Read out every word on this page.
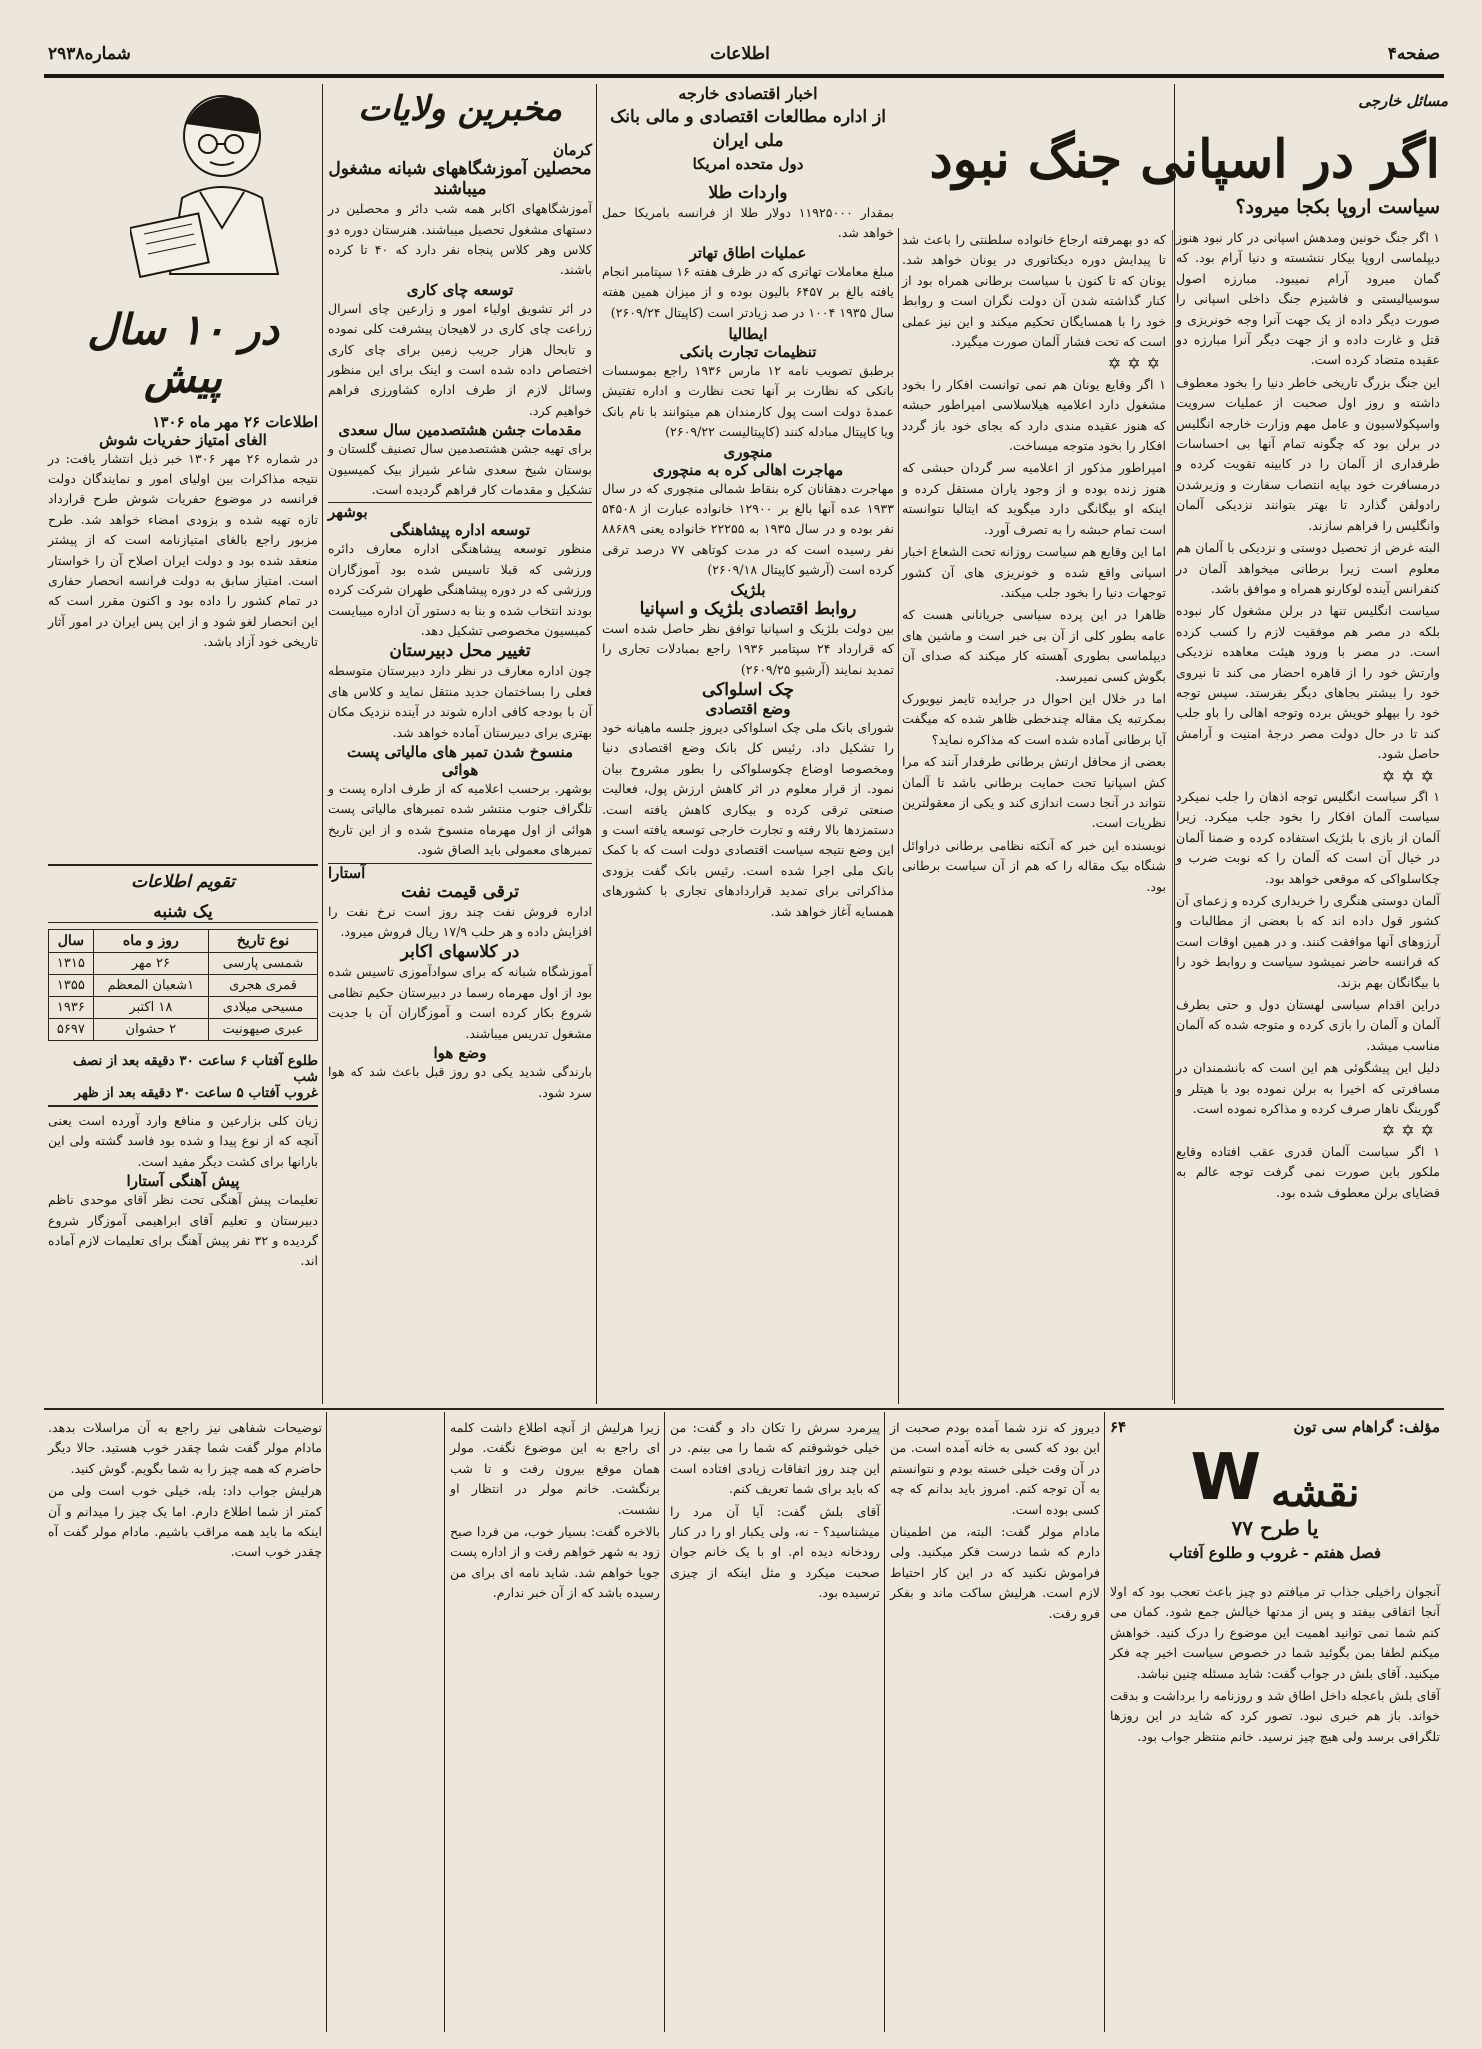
صفحه۴
اطلاعات
شماره۲۹۳۸
مسائل خارجی
اگر در اسپانی جنگ نبود
سیاست اروپا بکجا میرود؟

۱ اگر جنگ خونین ومدهش اسپانی در کار نبود هنوز دیپلماسی اروپا بیکار ننشسته و دنیا آرام بود. که گمان میرود آرام نمیبود. مبارزه اصول سوسیالیستی و فاشیزم جنگ داخلی اسپانی را صورت دیگر داده از یک جهت آنرا وجه خونریزی و قتل و غارت داده و از جهت دیگر آنرا مبارزه دو عقیده متضاد کرده است.

این جنگ بزرگ تاریخی خاطر دنیا را بخود معطوف داشته و روز اول صحبت از عملیات سرویت واسپکولاسیون و عامل مهم وزارت خارجه انگلیس در برلن بود که چگونه تمام آنها بی احساسات طرفداری از آلمان را در کابینه تقویت کرده و درمسافرت خود بپایه انتصاب سفارت و وزیرشدن رادولفن گذارد تا بهتر بتوانند نزدیکی آلمان وانگلیس را فراهم سازند.

البته غرض از تحصیل دوستی و نزدیکی با آلمان هم معلوم است زیرا برطانی میخواهد آلمان در کنفرانس آینده لوکارنو همراه و موافق باشد.

سیاست انگلیس تنها در برلن مشغول کار نبوده بلکه در مصر هم موفقیت لازم را کسب کرده است. در مصر با ورود هیئت معاهده نزدیکی وارتش خود را از قاهره احضار می کند تا نیروی خود را بیشتر بجاهای دیگر بفرستد. سپس توجه خود را بپهلو خویش برده وتوجه اهالی را باو جلب کند تا در حال دولت مصر درجهٔ امنیت و آرامش حاصل شود.

✡✡✡

۱ اگر سیاست انگلیس توجه اذهان را جلب نمیکرد سیاست آلمان افکار را بخود جلب میکرد. زیرا آلمان از بازی با بلژیک استفاده کرده و ضمنا آلمان در خیال آن است که آلمان را که نوبت ضرب و چکاسلواکی که موقعی خواهد بود.

آلمان دوستی هنگری را خریداری کرده و زعمای آن کشور قول داده اند که با بعضی از مطالبات و آرزوهای آنها موافقت کنند. و در همین اوقات است که فرانسه حاضر نمیشود سیاست و روابط خود را با بیگانگان بهم بزند.

دراین اقدام سیاسی لهستان دول و حتی بطرف آلمان و آلمان را بازی کرده و متوجه شده که آلمان مناسب میشد.

دلیل این پیشگوئی هم این است که بانشمندان در مسافرتی که اخیرا به برلن نموده بود با هیتلر و گورینگ ناهار صرف کرده و مذاکره نموده است.

✡✡✡

۱ اگر سیاست آلمان قدری عقب افتاده وقایع ملکور باین صورت نمی گرفت توجه عالم به قضایای برلن معطوف شده بود.

که دو بهمرفته ارجاع خانواده سلطنتی را باعث شد تا پیدایش دوره دیکتاتوری در یونان خواهد شد. یونان که تا کنون با سیاست برطانی همراه بود از کنار گذاشته شدن آن دولت نگران است و روابط خود را با همسایگان تحکیم میکند و این نیز عملی است که تحت فشار آلمان صورت میگیرد.

✡✡✡

۱ اگر وقایع یونان هم نمی توانست افکار را بخود مشغول دارد اعلامیه هیلاسلاسی امپراطور حبشه که هنوز عقیده مندی دارد که بجای خود باز گردد افکار را بخود متوجه میساخت.

امپراطور مذکور از اعلامیه سر گردان حبشی که هنوز زنده بوده و از وجود یاران مستقل کرده و اینکه او بیگانگی دارد میگوید که ایتالیا نتوانسته است تمام حبشه را به تصرف آورد.

اما این وقایع هم سیاست روزانه تحت الشعاع اخبار اسپانی واقع شده و خونریزی های آن کشور توجهات دنیا را بخود جلب میکند.

ظاهرا در این پرده سیاسی جریانانی هست که عامه بطور کلی از آن بی خبر است و ماشین های دیپلماسی بطوری آهسته کار میکند که صدای آن بگوش کسی نمیرسد.

اما در خلال این احوال در جرایده تایمز نیویورک بمکرتبه یک مقاله چندخطی ظاهر شده که میگفت آیا برطانی آماده شده است که مذاکره نماید؟

بعضی از محافل ارتش برطانی طرفدار آنند که مرا کش اسپانیا تحت حمایت برطانی باشد تا آلمان نتواند در آنجا دست اندازی کند و یکی از معقولترین نظریات است.

نویسنده این خبر که آنکته نظامی برطانی دراوائل شنگاه بیک مقاله را که هم از آن سیاست برطانی بود.

اخبار اقتصادی خارجه
از اداره مطالعات اقتصادی و مالی بانک ملی ایران
دول متحده امریکا
واردات طلا
بمقدار ۱۱۹۲۵۰۰۰ دولار طلا از فرانسه بامریکا حمل خواهد شد.
عملیات اطاق تهاتر
مبلغ معاملات تهاتری که در ظرف هفته ۱۶ سپتامبر انجام یافته بالغ بر ۶۴۵۷ بالیون بوده و از میزان همین هفته سال ۱۹۳۵ ۱۰۰۴ در صد زیادتر است (کاپیتال ۲۶۰۹/۲۴)
ایطالیا
تنظیمات تجارت بانکی
برطبق تصویب نامه ۱۲ مارس ۱۹۳۶ راجع بموسسات بانکی که نظارت بر آنها تحت نظارت و اداره تفتیش عمدهٔ دولت است پول کارمندان هم میتوانند با نام بانک ویا کاپیتال مبادله کنند (کاپیتالیست ۲۶۰۹/۲۲)
منچوری
مهاجرت اهالی کره به منچوری
مهاجرت دهقانان کره بنقاط شمالی منچوری که در سال ۱۹۳۳ عده آنها بالغ بر ۱۲۹۰۰ خانواده عبارت از ۵۴۵۰۸ نفر بوده و در سال ۱۹۳۵ به ۲۲۲۵۵ خانواده یعنی ۸۸۶۸۹ نفر رسیده است که در مدت کوتاهی ۷۷ درصد ترقی کرده است (آرشیو کاپیتال ۲۶۰۹/۱۸)
بلژیک
روابط اقتصادی بلژیک و اسپانیا
بین دولت بلژیک و اسپانیا توافق نظر حاصل شده است که قرارداد ۲۴ سپتامبر ۱۹۳۶ راجع بمبادلات تجاری را تمدید نمایند (آرشیو ۲۶۰۹/۲۵)
چک اسلواکی
وضع اقتصادی
شورای بانک ملی چک اسلواکی دیروز جلسه ماهیانه خود را تشکیل داد. رئیس کل بانک وضع اقتصادی دنیا ومخصوصا اوضاع چکوسلواکی را بطور مشروح بیان نمود. از قرار معلوم در اثر کاهش ارزش پول، فعالیت صنعتی ترقی کرده و بیکاری کاهش یافته است. دستمزدها بالا رفته و تجارت خارجی توسعه یافته است و این وضع نتیجه سیاست اقتصادی دولت است که با کمک بانک ملی اجرا شده است. رئیس بانک گفت بزودی مذاکراتی برای تمدید قراردادهای تجاری با کشورهای همسایه آغاز خواهد شد.
مخبرین ولایات
کرمان
محصلین آموزشگاههای شبانه مشغول میباشند
آموزشگاههای اکابر همه شب دائر و محصلین در دستهای مشغول تحصیل میباشند. هنرستان دوره دو کلاس وهر کلاس پنجاه نفر دارد که ۴۰ تا کرده باشند.
توسعه چای کاری
در اثر تشویق اولیاء امور و زارعین چای اسرال زراعت چای کاری در لاهیجان پیشرفت کلی نموده و تابحال هزار جریب زمین برای چای کاری اختصاص داده شده است و اینک برای این منظور وسائل لازم از طرف اداره کشاورزی فراهم خواهیم کرد.
مقدمات جشن هشتصدمین سال سعدی
برای تهیه جشن هشتصدمین سال تصنیف گلستان و بوستان شیخ سعدی شاعر شیراز بیک کمیسیون تشکیل و مقدمات کار فراهم گردیده است.
بوشهر
توسعه اداره پیشاهنگی
منظور توسعه پیشاهنگی اداره معارف دائره ورزشی که قبلا تاسیس شده بود آموزگاران ورزشی که در دوره پیشاهنگی طهران شرکت کرده بودند انتخاب شده و بنا به دستور آن اداره میبایست کمیسیون مخصوصی تشکیل دهد.
تغییر محل دبیرستان
چون اداره معارف در نظر دارد دبیرستان متوسطه فعلی را بساختمان جدید منتقل نماید و کلاس های آن با بودجه کافی اداره شوند در آینده نزدیک مکان بهتری برای دبیرستان آماده خواهد شد.
منسوخ شدن تمبر های مالیاتی پست هوائی
بوشهر. برحسب اعلامیه که از طرف اداره پست و تلگراف جنوب منتشر شده تمبرهای مالیاتی پست هوائی از اول مهرماه منسوخ شده و از این تاریخ تمبرهای معمولی باید الصاق شود.
آستارا
ترقی قیمت نفت
اداره فروش نفت چند روز است نرخ نفت را افزایش داده و هر حلب ۱۷/۹ ریال فروش میرود.
در کلاسهای اکابر
آموزشگاه شبانه که برای سوادآموزی تاسیس شده بود از اول مهرماه رسما در دبیرستان حکیم نظامی شروع بکار کرده است و آموزگاران آن با جدیت مشغول تدریس میباشند.
وضع هوا
بارندگی شدید یکی دو روز قبل باعث شد که هوا سرد شود.
در ۱۰ سال پیش
اطلاعات ۲۶ مهر ماه ۱۳۰۶
الغای امتیاز حفریات شوش
در شماره ۲۶ مهر ۱۳۰۶ خبر ذیل انتشار یافت: در نتیجه مذاکرات بین اولیای امور و نمایندگان دولت فرانسه در موضوع حفریات شوش طرح قرارداد تازه تهیه شده و بزودی امضاء خواهد شد. طرح مزبور راجع بالغای امتیازنامه است که از پیشتر منعقد شده بود و دولت ایران اصلاح آن را خواستار است. امتیاز سابق به دولت فرانسه انحصار حفاری در تمام کشور را داده بود و اکنون مقرر است که این انحصار لغو شود و از این پس ایران در امور آثار تاریخی خود آزاد باشد.
تقویم اطلاعات
یک شنبه
نوع تاریخ	روز و ماه	سال
شمسی پارسی	۲۶ مهر	۱۳۱۵
قمری هجری	۱شعبان المعظم	۱۳۵۵
مسیحی میلادی	۱۸ اکتبر	۱۹۳۶
عبری صیهونیت	۲ حشوان	۵۶۹۷
طلوع آفتاب ۶ ساعت ۳۰ دقیقه بعد از نصف شب
غروب آفتاب ۵ ساعت ۳۰ دقیقه بعد از ظهر
زیان کلی بزارعین و منافع وارد آورده است یعنی آنچه که از نوع پیدا و شده بود فاسد گشته ولی این بارانها برای کشت دیگر مفید است.
پیش آهنگی آستارا
تعلیمات پیش آهنگی تحت نظر آقای موحدی ناظم دبیرستان و تعلیم آقای ابراهیمی آموزگار شروع گردیده و ۳۲ نفر پیش آهنگ برای تعلیمات لازم آماده اند.
مؤلف: گراهام سی تون
۶۴
نقشه
W
یا طرح ۷۷
فصل هفتم - غروب و طلوع آفتاب

آنجوان راخیلی جذاب تر میافتم دو چیز باعث تعجب بود که اولا آنجا اتفاقی بیفتد و پس از مدتها خیالش جمع شود. کمان می کنم شما نمی توانید اهمیت این موضوع را درک کنید. خواهش میکنم لطفا بمن بگوئید شما در خصوص سیاست اخیر چه فکر میکنید. آقای بلش در جواب گفت: شاید مسئله چنین نباشد.

آقای بلش باعجله داخل اطاق شد و روزنامه را برداشت و بدقت خواند. باز هم خبری نبود. تصور کرد که شاید در این روزها تلگرافی برسد ولی هیچ چیز نرسید. خانم منتظر جواب بود.

دیروز که نزد شما آمده بودم صحبت از این بود که کسی به خانه آمده است. من در آن وقت خیلی خسته بودم و نتوانستم به آن توجه کنم. امروز باید بدانم که چه کسی بوده است.

مادام مولر گفت: البته، من اطمینان دارم که شما درست فکر میکنید. ولی فراموش نکنید که در این کار احتیاط لازم است. هرلیش ساکت ماند و بفکر فرو رفت.

پیرمرد سرش را تکان داد و گفت: من خیلی خوشوقتم که شما را می بینم. در این چند روز اتفاقات زیادی افتاده است که باید برای شما تعریف کنم.

آقای بلش گفت: آیا آن مرد را میشناسید؟ - نه، ولی یکبار او را در کنار رودخانه دیده ام. او با یک خانم جوان صحبت میکرد و مثل اینکه از چیزی ترسیده بود.

زیرا هرلیش از آنچه اطلاع داشت کلمه ای راجع به این موضوع نگفت. مولر همان موقع بیرون رفت و تا شب برنگشت. خانم مولر در انتظار او نشست.

بالاخره گفت: بسیار خوب، من فردا صبح زود به شهر خواهم رفت و از اداره پست جویا خواهم شد. شاید نامه ای برای من رسیده باشد که از آن خبر ندارم.

توضیحات شفاهی نیز راجع به آن مراسلات بدهد. مادام مولر گفت شما چقدر خوب هستید. حالا دیگر حاضرم که همه چیز را به شما بگویم. گوش کنید.

هرلیش جواب داد: بله، خیلی خوب است ولی من کمتر از شما اطلاع دارم. اما یک چیز را میدانم و آن اینکه ما باید همه مراقب باشیم. مادام مولر گفت آه چقدر خوب است.
